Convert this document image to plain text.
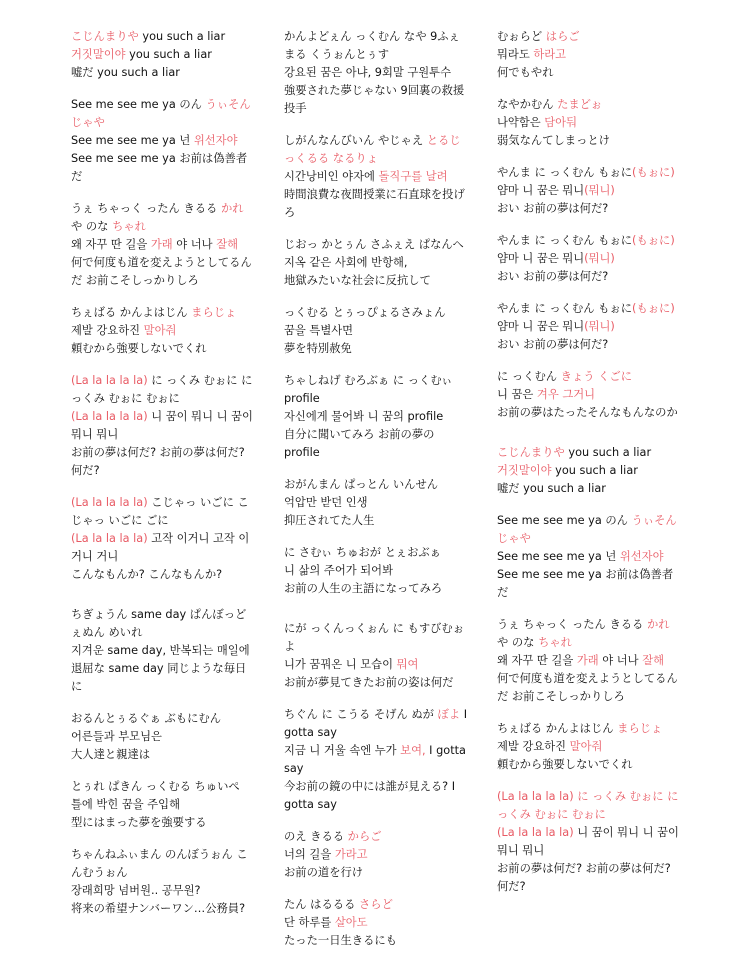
こじんまりや you such a liar
거짓말이야 you such a liar
嘘だ you such a liar
See me see me ya のん うぃそんじゃや
See me see me ya 넌 위선자야
See me see me ya お前は偽善者だ
うぇ ちゃっく ったん きるる かれ や のな ちゃれ
왜 자꾸 딴 길을 가래 야 너나 잘해
何で何度も道を変えようとしてるんだ お前こそしっかりしろ
ちぇばる かんよはじん まらじょ
제발 강요하진 말아줘
頼むから強要しないでくれ
(La la la la la) に っくみ むぉに に っくみ むぉに むぉに
(La la la la la) 니 꿈이 뭐니 니 꿈이 뭐니 뭐니
お前の夢は何だ? お前の夢は何だ? 何だ?
(La la la la la) こじゃっ いごに こじゃっ いごに ごに
(La la la la la) 고작 이거니 고작 이거니 거니
こんなもんか? こんなもんか?
ちぎょうん same day ぱんぼっどぇぬん めいれ
지겨운 same day, 반복되는 매일에
退屈な same day 同じような毎日に
おるんとぅるぐぁ ぶもにむん
어른들과 부모님은
大人達と親達は
とぅれ ぱきん っくむる ちゅいぺ
틀에 박힌 꿈을 주입해
型にはまった夢を強要する
ちゃんねふぃまん のんぼうぉん こんむうぉん
장래희망 넘버원.. 공무원?
将来の希望ナンバーワン…公務員?
かんよどぇん っくむん なや 9ふぇまる くうぉんとぅす
강요된 꿈은 아냐, 9회말 구원투수
強要された夢じゃない 9回裏の救援投手
しがんなんびいん やじゃえ とるじっくるる なるりょ
시간낭비인 야자에 돌직구를 날려
時間浪費な夜間授業に石直球を投げろ
じおっ かとぅん さふぇえ ぱなんへ
지옥 같은 사회에 반항해,
地獄みたいな社会に反抗して
っくむる とぅっぴょるさみょん
꿈을 특별사면
夢を特別赦免
ちゃしねげ むろぶぁ に っくむぃ profile
자신에게 물어봐 니 꿈의 profile
自分に聞いてみろ お前の夢のprofile
おがんまん ぱっとん いんせん
억압만 받던 인생
抑圧されてた人生
に さむぃ ちゅおが とぇおぶぁ
니 삶의 주어가 되어봐
お前の人生の主語になってみろ
にが っくんっくぉん に もすびむぉよ
니가 꿈꿔온 니 모습이 뭐여
お前が夢見てきたお前の姿は何だ
ちぐん に こうる そげん ぬが ぼよ I gotta say
지금 니 거울 속엔 누가 보여, I gotta say
今お前の鏡の中には誰が見える? I gotta say
のえ きるる からご
너의 길을 가라고
お前の道を行け
たん はるるる さらど
단 하루를 살아도
たった一日生きるにも
むぉらど はらご
뭐라도 하라고
何でもやれ
なやかむん たまどぉ
나약함은 담아둬
弱気なんてしまっとけ
やんま に っくむん もぉに(もぉに)
얌마 니 꿈은 뭐니(뭐니)
おい お前の夢は何だ?
やんま に っくむん もぉに(もぉに)
얌마 니 꿈은 뭐니(뭐니)
おい お前の夢は何だ?
やんま に っくむん もぉに(もぉに)
얌마 니 꿈은 뭐니(뭐니)
おい お前の夢は何だ?
に っくむん きょう くごに
니 꿈은 겨우 그거니
お前の夢はたったそんなもんなのか
こじんまりや you such a liar
거짓말이야 you such a liar
嘘だ you such a liar
See me see me ya のん うぃそんじゃや
See me see me ya 넌 위선자야
See me see me ya お前は偽善者だ
うぇ ちゃっく ったん きるる かれ や のな ちゃれ
왜 자꾸 딴 길을 가래 야 너나 잘해
何で何度も道を変えようとしてるんだ お前こそしっかりしろ
ちぇばる かんよはじん まらじょ
제발 강요하진 말아줘
頼むから強要しないでくれ
(La la la la la) に っくみ むぉに に っくみ むぉに むぉに
(La la la la la) 니 꿈이 뭐니 니 꿈이 뭐니 뭐니
お前の夢は何だ? お前の夢は何だ? 何だ?
